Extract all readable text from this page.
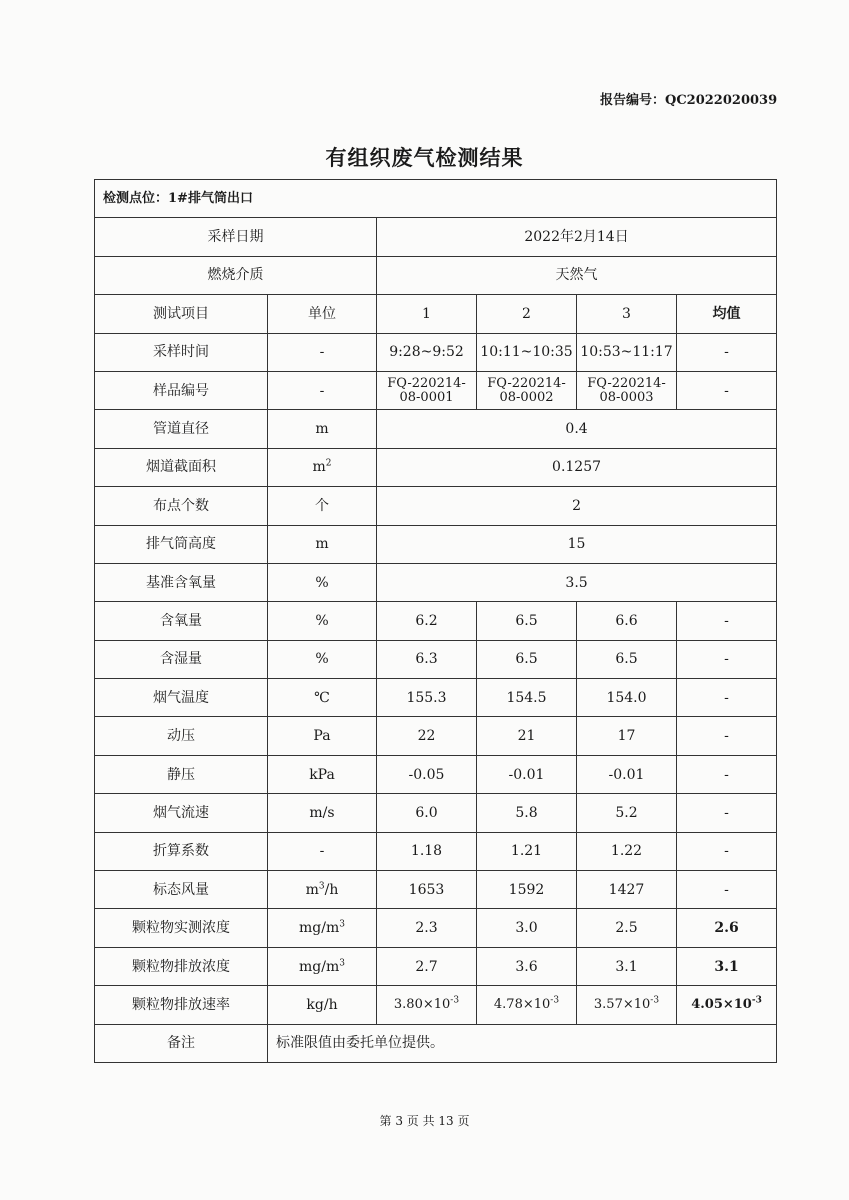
报告编号：QC2022020039
有组织废气检测结果
检测点位：1#排气筒出口					
采样日期		2022年2月14日			
燃烧介质		天然气			
测试项目	单位	1	2	3	均值
采样时间	-	9:28~9:52	10:11~10:35	10:53~11:17	-
样品编号	-	FQ-220214-08-0001	FQ-220214-08-0002	FQ-220214-08-0003	-
管道直径	m	0.4			
烟道截面积	$m^2$	0.1257			
布点个数	个	2			
排气筒高度	m	15			
基准含氧量	%	3.5			
含氧量	%	6.2	6.5	6.6	-
含湿量	%	6.3	6.5	6.5	-
烟气温度	℃	155.3	154.5	154.0	-
动压	Pa	22	21	17	-
静压	kPa	-0.05	-0.01	-0.01	-
烟气流速	m/s	6.0	5.8	5.2	-
折算系数	-	1.18	1.21	1.22	-
标态风量	$m^3/h$	1653	1592	1427	-
颗粒物实测浓度	$mg/m^3$	2.3	3.0	2.5	2.6
颗粒物排放浓度	$mg/m^3$	2.7	3.6	3.1	3.1
颗粒物排放速率	kg/h	$3.80\times 10^{-3}$	$4.78\times 10^{-3}$	$3.57\times 10^{-3}$	$4.05\times 10^{-3}$
备注	标准限值由委托单位提供。				
第 3 页 共 13 页
